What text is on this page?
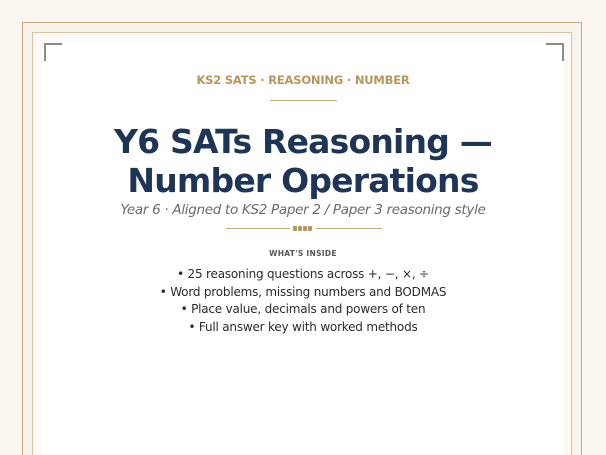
KS2 SATS · REASONING · NUMBER
Y6 SATs Reasoning —
Number Operations
Year 6 · Aligned to KS2 Paper 2 / Paper 3 reasoning style
WHAT'S INSIDE
• 25 reasoning questions across +, −, ×, ÷
• Word problems, missing numbers and BODMAS
• Place value, decimals and powers of ten
• Full answer key with worked methods
